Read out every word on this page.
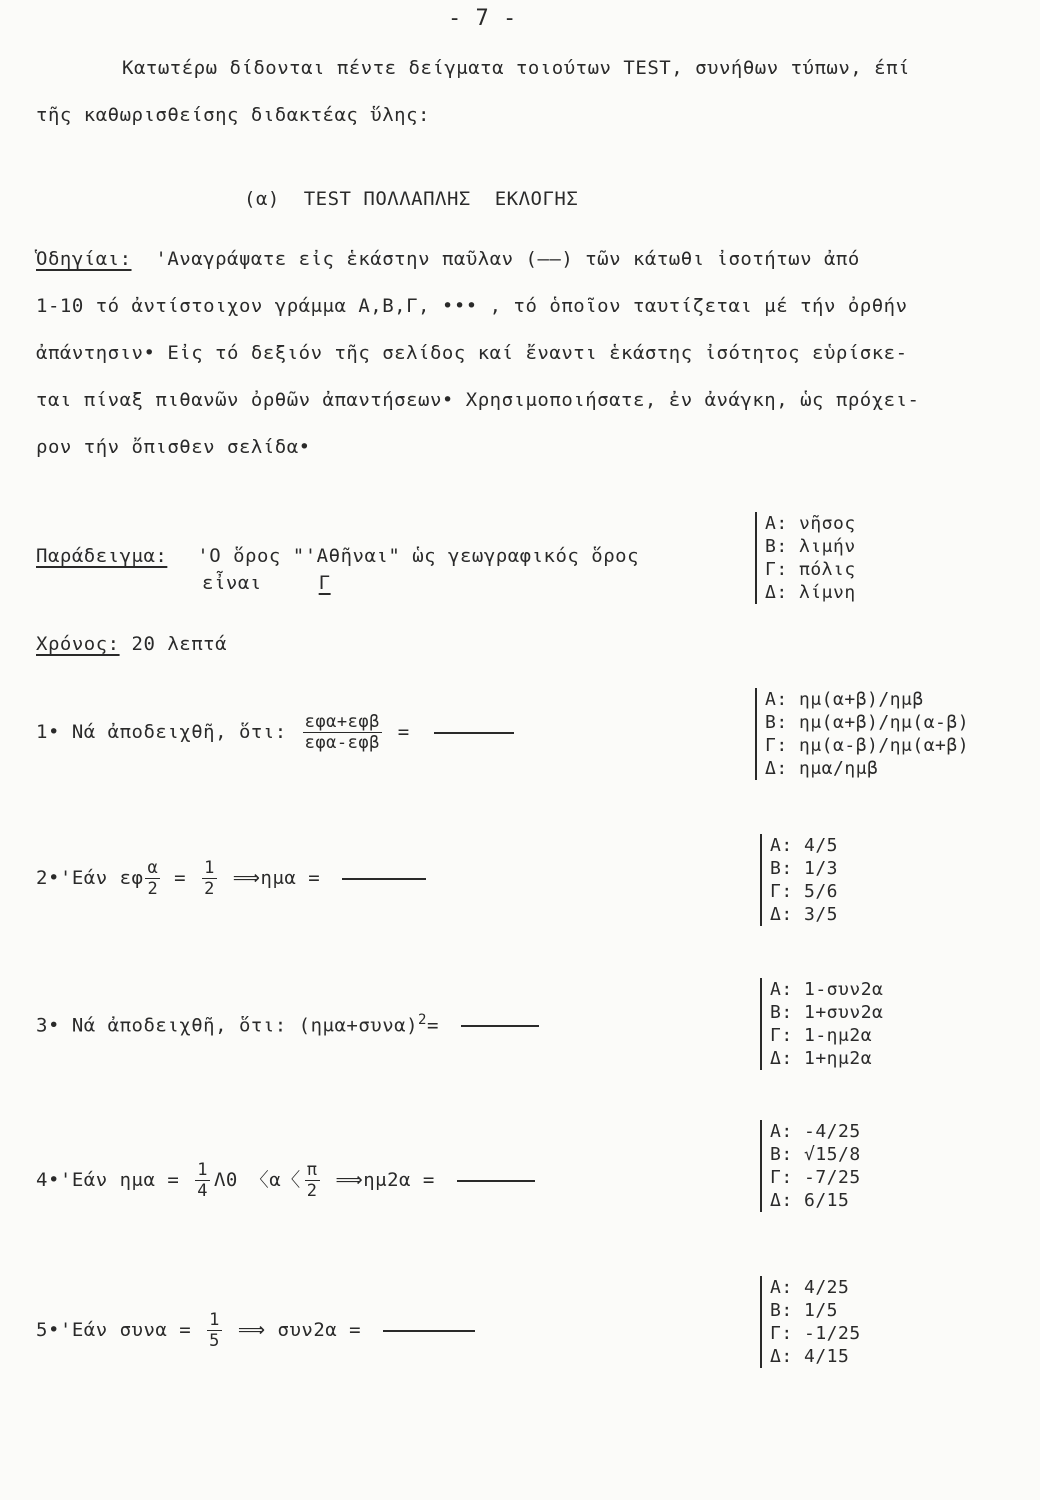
- 7 -

Κατωτέρω δίδονται πέντε δείγματα τοιούτων TEST, συνήθων τύπων, έπί

τῆς καθωρισθείσης διδακτέας ὕλης:

(α)  TEST ΠΟΛΛΑΠΛΗΣ  ΕΚΛΟΓΗΣ

Ὁδηγίαι: 'Αναγράψατε εἰς ἑκάστην παῦλαν (——) τῶν κάτωθι ἰσοτήτων ἀπό

1-10 τό ἀντίστοιχον γράμμα Α,Β,Γ, ••• , τό ὁποῖον ταυτίζεται μέ τήν ὀρθήν

ἀπάντησιν• Εἰς τό δεξιόν τῆς σελίδος καί ἔναντι ἑκάστης ἰσότητος εὑρίσκε-

ται πίναξ πιθανῶν ὀρθῶν ἀπαντήσεων• Χρησιμοποιήσατε, ἐν ἀνάγκη, ὡς πρόχει-

ρον τήν ὄπισθεν σελίδα•

Παράδειγμα: 'Ο ὅρος "'Αθῆναι" ὡς γεωγραφικός ὅρος
εἶναι	Γ
Α: νῆσος
Β: λιμήν
Γ: πόλις
Δ: λίμνη
Χρόνος: 20 λεπτά
1• Νά ἀποδειχθῆ, ὅτι: $\frac{\text{εφα+εφβ}}{\text{εφα-εφβ}}$ =
Α: ημ(α+β)/ημβ
Β: ημ(α+β)/ημ(α-β)
Γ: ημ(α-β)/ημ(α+β)
Δ: ημα/ημβ
2•'Εάν εφ $\frac{\alpha}{2} = \frac{1}{2}$ ⟹ημα =
Α: 4/5
Β: 1/3
Γ: 5/6
Δ: 3/5
3• Νά ἀποδειχθῆ, ὅτι: $(\eta\mu\alpha+\sigma\upsilon\nu\alpha)^2=$
Α: 1-συν2α
Β: 1+συν2α
Γ: 1-ημ2α
Δ: 1+ημ2α
4•'Εάν $\eta\mu\alpha = \frac{1}{4} \Lambda 0$ 〈α〈 $\frac{\pi}{2}$ ⟹ημ2α =
Α: -4/25
Β: √15/8
Γ: -7/25
Δ: 6/15
5•'Εάν $\sigma\upsilon\nu\alpha = \frac{1}{5}$ ⟹ συν2α =
Α: 4/25
Β: 1/5
Γ: -1/25
Δ: 4/15
